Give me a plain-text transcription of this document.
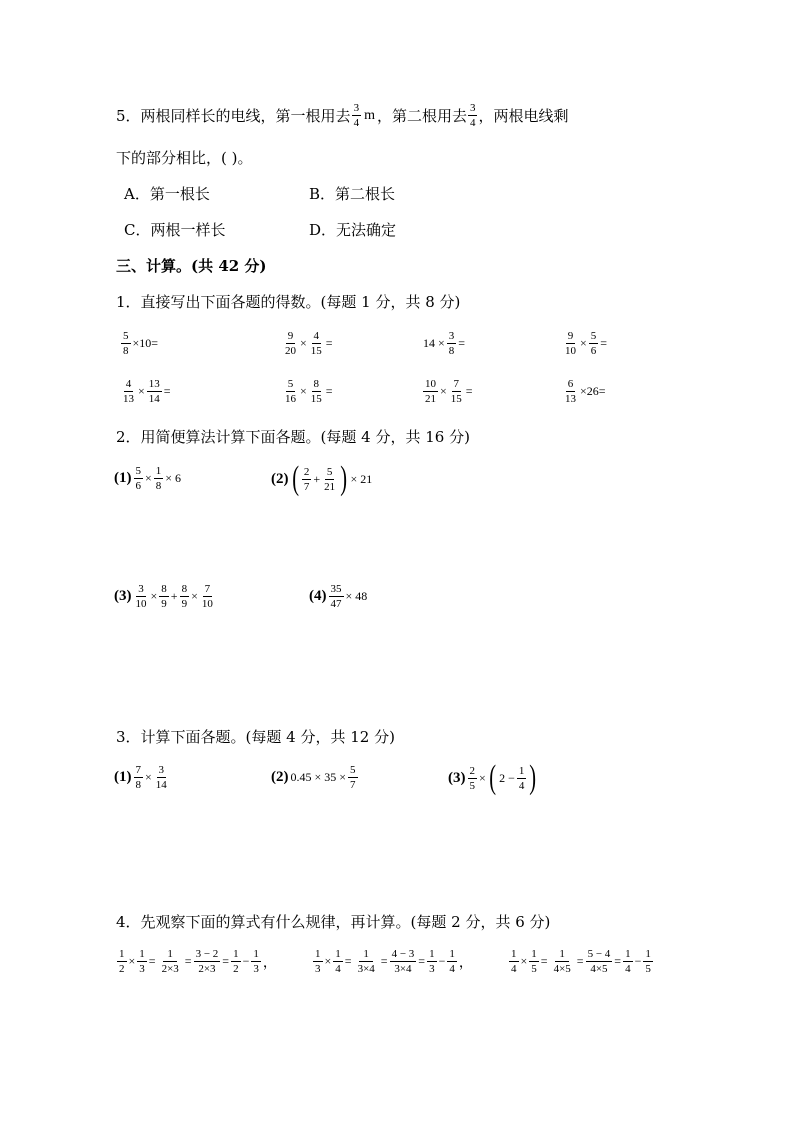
5 ．两根同样长的电线，第一根用去 $\frac{3}{4}$ m ，第二根用去 $\frac{3}{4}$ ，两根电线剩
下的部分相比，( )。
A．第一根长	B．第二根长
C．两根一样长	D．无法确定
三、计算。(共 42 分)
1．直接写出下面各题的得数。(每题 1 分，共 8 分)
$\frac{5}{8} \times 10=$	$\frac{9}{20} \times \frac{4}{15}$ =	$14 \times \frac{3}{8}$ =	$\frac{9}{10} \times \frac{5}{6}$ =
$\frac{4}{13} \times \frac{13}{14}$ =	$\frac{5}{16} \times \frac{8}{15}$ =	$\frac{10}{21} \times \frac{7}{15}$ =	$\frac{6}{13} \times 26=$
2．用简便算法计算下面各题。(每题 4 分，共 16 分)
$(1) \frac{5}{6} \times \frac{1}{8} \times 6$	(2) ( $\frac{2}{7} + \frac{5}{21}$ ) × 21
$(3) \frac{3}{10} \times \frac{8}{9} + \frac{8}{9} \times \frac{7}{10}$	$(4) \frac{35}{47} \times 48$
3．计算下面各题。(每题 4 分，共 12 分)
$(1) \frac{7}{8} \times \frac{3}{14}$	(2) $0.45 \times 35 \times \frac{5}{7}$	$(3) \frac{2}{5}$ × ( $2 - \frac{1}{4}$ )
4．先观察下面的算式有什么规律，再计算。(每题 2 分，共 6 分)
$\frac{1}{2} \times \frac{1}{3} = \frac{1}{2\times 3} = \frac{3 - 2}{2\times 3} = \frac{1}{2} - \frac{1}{3}$ ，	$\frac{1}{3} \times \frac{1}{4} = \frac{1}{3\times 4} = \frac{4 - 3}{3\times 4} = \frac{1}{3} - \frac{1}{4}$ ，	$\frac{1}{4} \times \frac{1}{5} = \frac{1}{4\times 5} = \frac{5 - 4}{4\times 5} = \frac{1}{4} - \frac{1}{5}$
